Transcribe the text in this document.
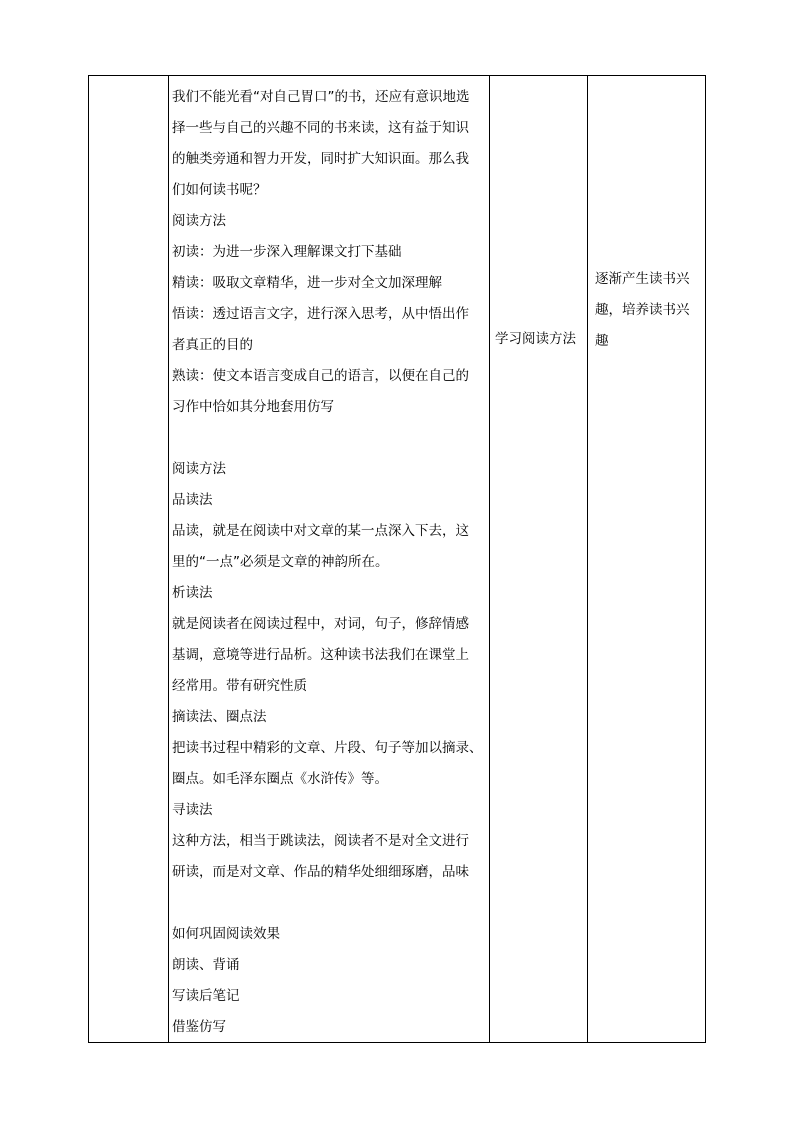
我们不能光看“对自己胃口”的书，还应有意识地选
择一些与自己的兴趣不同的书来读，这有益于知识
的触类旁通和智力开发，同时扩大知识面。那么我
们如何读书呢？
阅读方法
初读：为进一步深入理解课文打下基础
精读：吸取文章精华，进一步对全文加深理解
悟读：透过语言文字，进行深入思考，从中悟出作
者真正的目的
熟读：使文本语言变成自己的语言，以便在自己的
习作中恰如其分地套用仿写
阅读方法
品读法
品读，就是在阅读中对文章的某一点深入下去，这
里的“一点”必须是文章的神韵所在。
析读法
就是阅读者在阅读过程中，对词，句子，修辞情感
基调，意境等进行品析。这种读书法我们在课堂上
经常用。带有研究性质
摘读法、圈点法
把读书过程中精彩的文章、片段、句子等加以摘录、
圈点。如毛泽东圈点《水浒传》等。
寻读法
这种方法，相当于跳读法，阅读者不是对全文进行
研读，而是对文章、作品的精华处细细琢磨，品味
如何巩固阅读效果
朗读、背诵
写读后笔记
借鉴仿写
学习阅读方法
逐渐产生读书兴
趣，培养读书兴
趣
